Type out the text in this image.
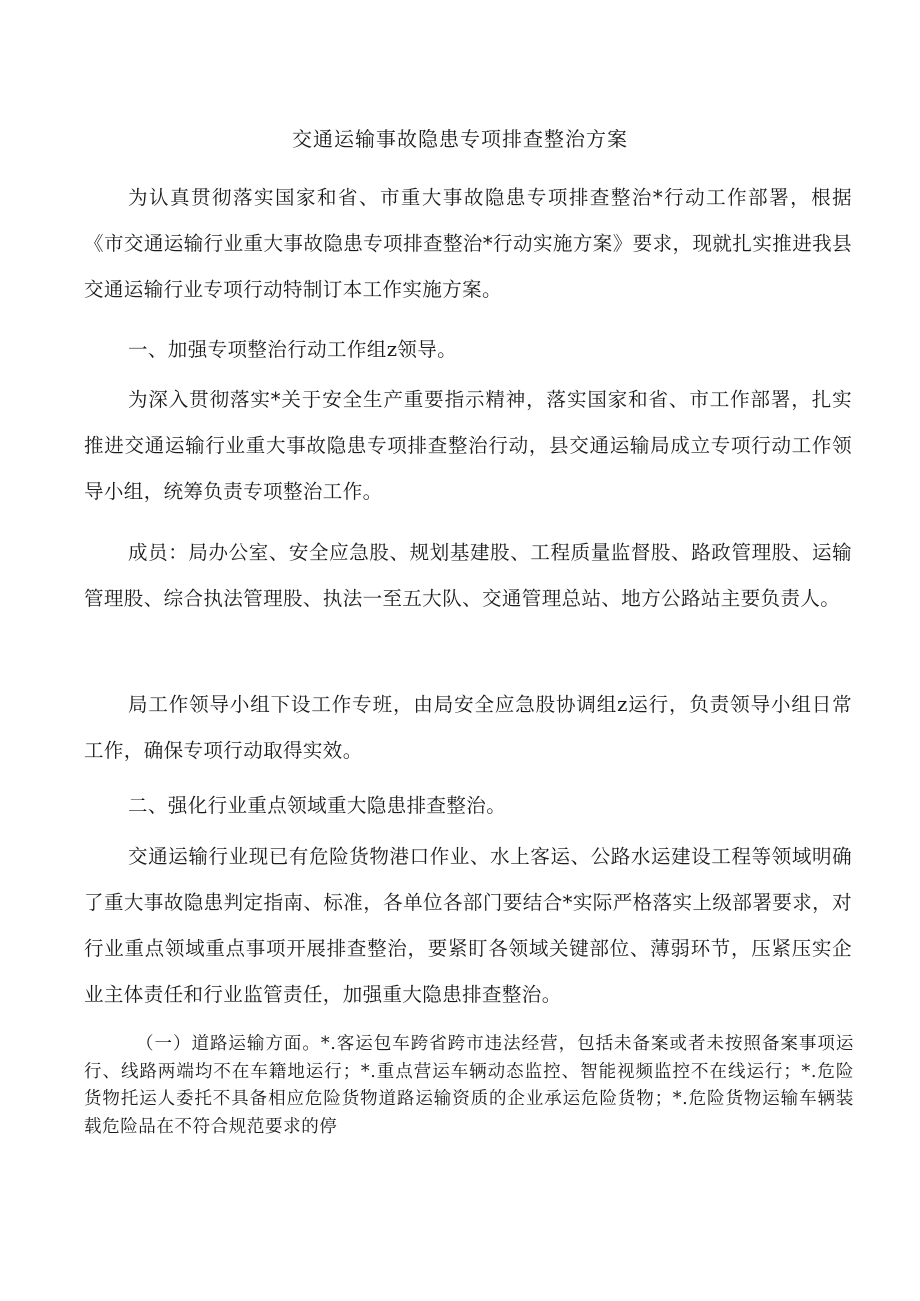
交通运输事故隐患专项排查整治方案

为认真贯彻落实国家和省、市重大事故隐患专项排查整治*行动工作部署，根据《市交通运输行业重大事故隐患专项排查整治*行动实施方案》要求，现就扎实推进我县交通运输行业专项行动特制订本工作实施方案。

一、加强专项整治行动工作组z领导。

为深入贯彻落实*关于安全生产重要指示精神，落实国家和省、市工作部署，扎实推进交通运输行业重大事故隐患专项排查整治行动，县交通运输局成立专项行动工作领导小组，统筹负责专项整治工作。

成员：局办公室、安全应急股、规划基建股、工程质量监督股、路政管理股、运输管理股、综合执法管理股、执法一至五大队、交通管理总站、地方公路站主要负责人。

局工作领导小组下设工作专班，由局安全应急股协调组z运行，负责领导小组日常工作，确保专项行动取得实效。

二、强化行业重点领域重大隐患排查整治。

交通运输行业现已有危险货物港口作业、水上客运、公路水运建设工程等领域明确了重大事故隐患判定指南、标准，各单位各部门要结合*实际严格落实上级部署要求，对行业重点领域重点事项开展排查整治，要紧盯各领域关键部位、薄弱环节，压紧压实企业主体责任和行业监管责任，加强重大隐患排查整治。

（一）道路运输方面。*.客运包车跨省跨市违法经营，包括未备案或者未按照备案事项运行、线路两端均不在车籍地运行；*.重点营运车辆动态监控、智能视频监控不在线运行；*.危险货物托运人委托不具备相应危险货物道路运输资质的企业承运危险货物；*.危险货物运输车辆装载危险品在不符合规范要求的停
